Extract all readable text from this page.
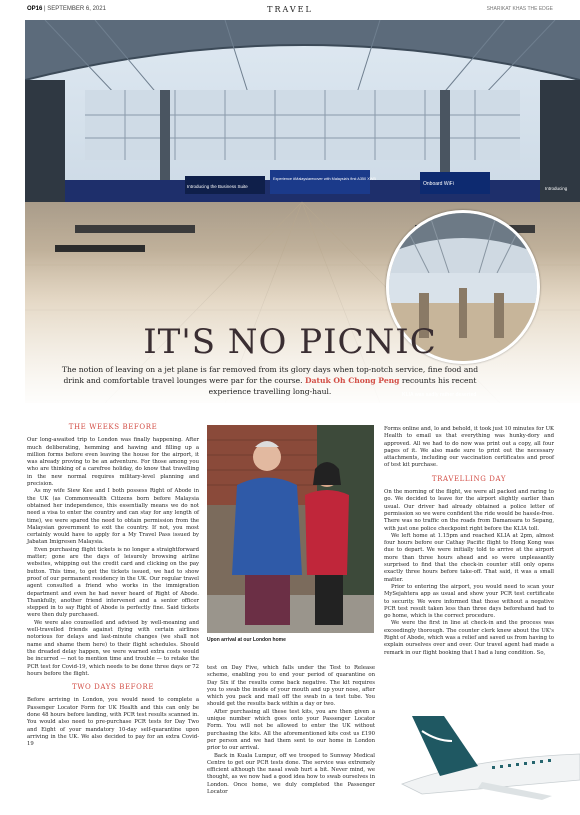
OP16 | SEPTEMBER 6, 2021	TRAVEL	SHARIKAT KHAS THE EDGE
Introducing the Business Suite
Experience #Malaysiarecover with Malaysia's first A350 XWB
Onboard WiFi
Introducing
KLIA was sadly rather deserted
IT'S NO PICNIC
The notion of leaving on a jet plane is far removed from its glory days when top-notch service, fine food and drink and comfortable travel lounges were par for the course. Datuk Oh Chong Peng recounts his recent experience travelling long-haul.
THE WEEKS BEFORE

Our long-awaited trip to London was finally happening. After much deliberating, hemming and hawing and filling up a million forms before even leaving the house for the airport, it was already proving to be an adventure. For those among you who are thinking of a carefree holiday, do know that travelling in the new normal requires military-level planning and precision.

As my wife Siew Kee and I both possess Right of Abode in the UK (as Commonwealth Citizens born before Malaysia obtained her independence, this essentially means we do not need a visa to enter the country and can stay for any length of time), we were spared the need to obtain permission from the Malaysian government to exit the country. If not, you most certainly would have to apply for a My Travel Pass issued by Jabatan Imigresen Malaysia.

Even purchasing flight tickets is no longer a straightforward matter; gone are the days of leisurely browsing airline websites, whipping out the credit card and clicking on the pay button. This time, to get the tickets issued, we had to show proof of our permanent residency in the UK. Our regular travel agent consulted a friend who works in the immigration department and even he had never heard of Right of Abode. Thankfully, another friend intervened and a senior officer stepped in to say Right of Abode is perfectly fine. Said tickets were then duly purchased.

We were also counselled and advised by well-meaning and well-travelled friends against flying with certain airlines notorious for delays and last-minute changes (we shall not name and shame them here) to their flight schedules. Should the dreaded delay happen, we were warned extra costs would be incurred — not to mention time and trouble — to retake the PCR test for Covid-19, which needs to be done three days or 72 hours before the flight.

TWO DAYS BEFORE

Before arriving in London, you would need to complete a Passenger Locator Form for UK Health and this can only be done 48 hours before landing, with PCR test results scanned in. You would also need to pre-purchase PCR tests for Day Two and Eight of your mandatory 10-day self-quarantine upon arriving in the UK. We also decided to pay for an extra Covid-19

Upon arrival at our London home

test on Day Five, which falls under the Test to Release scheme, enabling you to end your period of quarantine on Day Six if the results come back negative. The kit requires you to swab the inside of your mouth and up your nose, after which you pack and mail off the swab in a test tube. You should get the results back within a day or two.

After purchasing all these test kits, you are then given a unique number which goes onto your Passenger Locator Form. You will not be allowed to enter the UK without purchasing the kits. All the aforementioned kits cost us £190 per person and we had them sent to our home in London prior to our arrival.

Back in Kuala Lumpur, off we trooped to Sunway Medical Centre to get our PCR tests done. The service was extremely efficient although the nasal swab hurt a bit. Never mind, we thought, as we now had a good idea how to swab ourselves in London. Once home, we duly completed the Passenger Locator

Forms online and, lo and behold, it took just 10 minutes for UK Health to email us that everything was hunky-dory and approved. All we had to do now was print out a copy, all four pages of it. We also made sure to print out the necessary attachments, including our vaccination certificates and proof of test kit purchase.

TRAVELLING DAY

On the morning of the flight, we were all packed and raring to go. We decided to leave for the airport slightly earlier than usual. Our driver had already obtained a police letter of permission so we were confident the ride would be hassle-free. There was no traffic on the roads from Damansara to Sepang, with just one police checkpoint right before the KLIA toll.

We left home at 1.15pm and reached KLIA at 2pm, almost four hours before our Cathay Pacific flight to Hong Kong was due to depart. We were initially told to arrive at the airport more than three hours ahead and so were unpleasantly surprised to find that the check-in counter still only opens exactly three hours before take-off. That said, it was a small matter.

Prior to entering the airport, you would need to scan your MySejahtera app as usual and show your PCR test certificate to security. We were informed that those without a negative PCR test result taken less than three days beforehand had to go home, which is the correct procedure.

We were the first in line at check-in and the process was exceedingly thorough. The counter clerk knew about the UK's Right of Abode, which was a relief and saved us from having to explain ourselves over and over. Our travel agent had made a remark in our flight booking that I had a lung condition. So,
